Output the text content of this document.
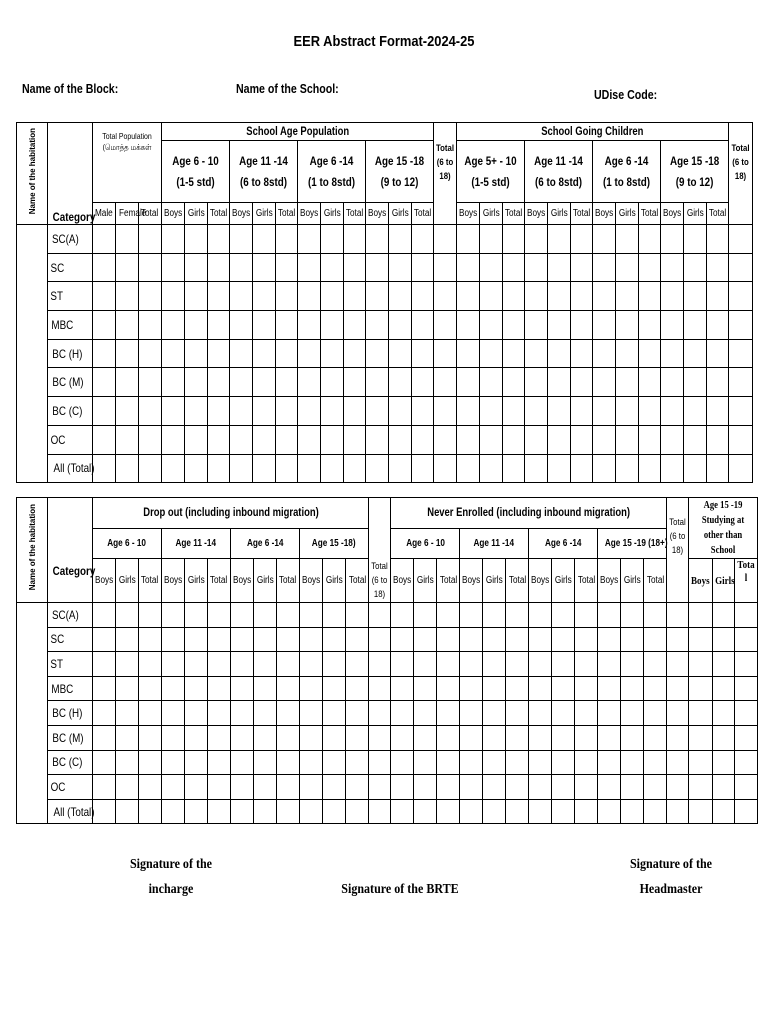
EER Abstract Format-2024-25
Name of the Block:	Name of the School:	UDise Code:
Name of the habitation	Category	Total Population (மொத்த மக்கள்			School Age Population												Total (6 to 18)	School Going Children												Total (6 to 18)	
					Age 6 - 10 (1-5 std)			Age 11 -14 (6 to 8std)			Age 6 -14 (1 to 8std)			Age 15 -18 (9 to 12)				Age 5+ - 10 (1-5 std)			Age 11 -14 (6 to 8std)			Age 6 -14 (1 to 8std)			Age 15 -18 (9 to 12)				
		Male	Female	Total	Boys	Girls	Total	Boys	Girls	Total	Boys	Girls	Total	Boys	Girls	Total		Boys	Girls	Total	Boys	Girls	Total	Boys	Girls	Total	Boys	Girls	Total		
	SC(A)																														
	SC																														
	ST																														
	MBC																														
	BC (H)																														
	BC (M)																														
	BC (C)																														
	OC																														
	All (Total)																														
Name of the habitation	Category	Drop out (including inbound migration)												Total (6 to 18)	Never Enrolled (including inbound migration)												Total (6 to 18)	Age 15 -19 Studying at other than School		
		Age 6 - 10			Age 11 -14			Age 6 -14			Age 15 -18)				Age 6 - 10			Age 11 -14			Age 6 -14			Age 15 -19 (18+)						
		Boys	Girls	Total	Boys	Girls	Total	Boys	Girls	Total	Boys	Girls	Total		Boys	Girls	Total	Boys	Girls	Total	Boys	Girls	Total	Boys	Girls	Total		Boys	Girls	Tota l
	SC(A)																													
	SC																													
	ST																													
	MBC																													
	BC (H)																													
	BC (M)																													
	BC (C)																													
	OC																													
	All (Total)																													
Signature of the incharge	Signature of the BRTE
Signature of the Headmaster
